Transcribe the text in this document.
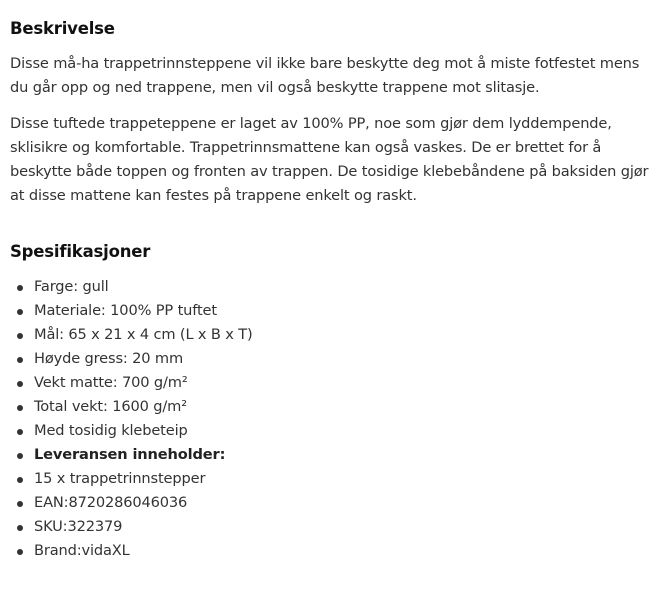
Beskrivelse

Disse må-ha trappetrinnsteppene vil ikke bare beskytte deg mot å miste fotfestet mens du går opp og ned trappene, men vil også beskytte trappene mot slitasje.

Disse tuftede trappeteppene er laget av 100% PP, noe som gjør dem lyddempende, sklisikre og komfortable. Trappetrinnsmattene kan også vaskes. De er brettet for å beskytte både toppen og fronten av trappen. De tosidige klebebåndene på baksiden gjør at disse mattene kan festes på trappene enkelt og raskt.

Spesifikasjoner
Farge: gull
Materiale: 100% PP tuftet
Mål: 65 x 21 x 4 cm (L x B x T)
Høyde gress: 20 mm
Vekt matte: 700 g/m²
Total vekt: 1600 g/m²
Med tosidig klebeteip
Leveransen inneholder:
15 x trappetrinnstepper
EAN:8720286046036
SKU:322379
Brand:vidaXL
